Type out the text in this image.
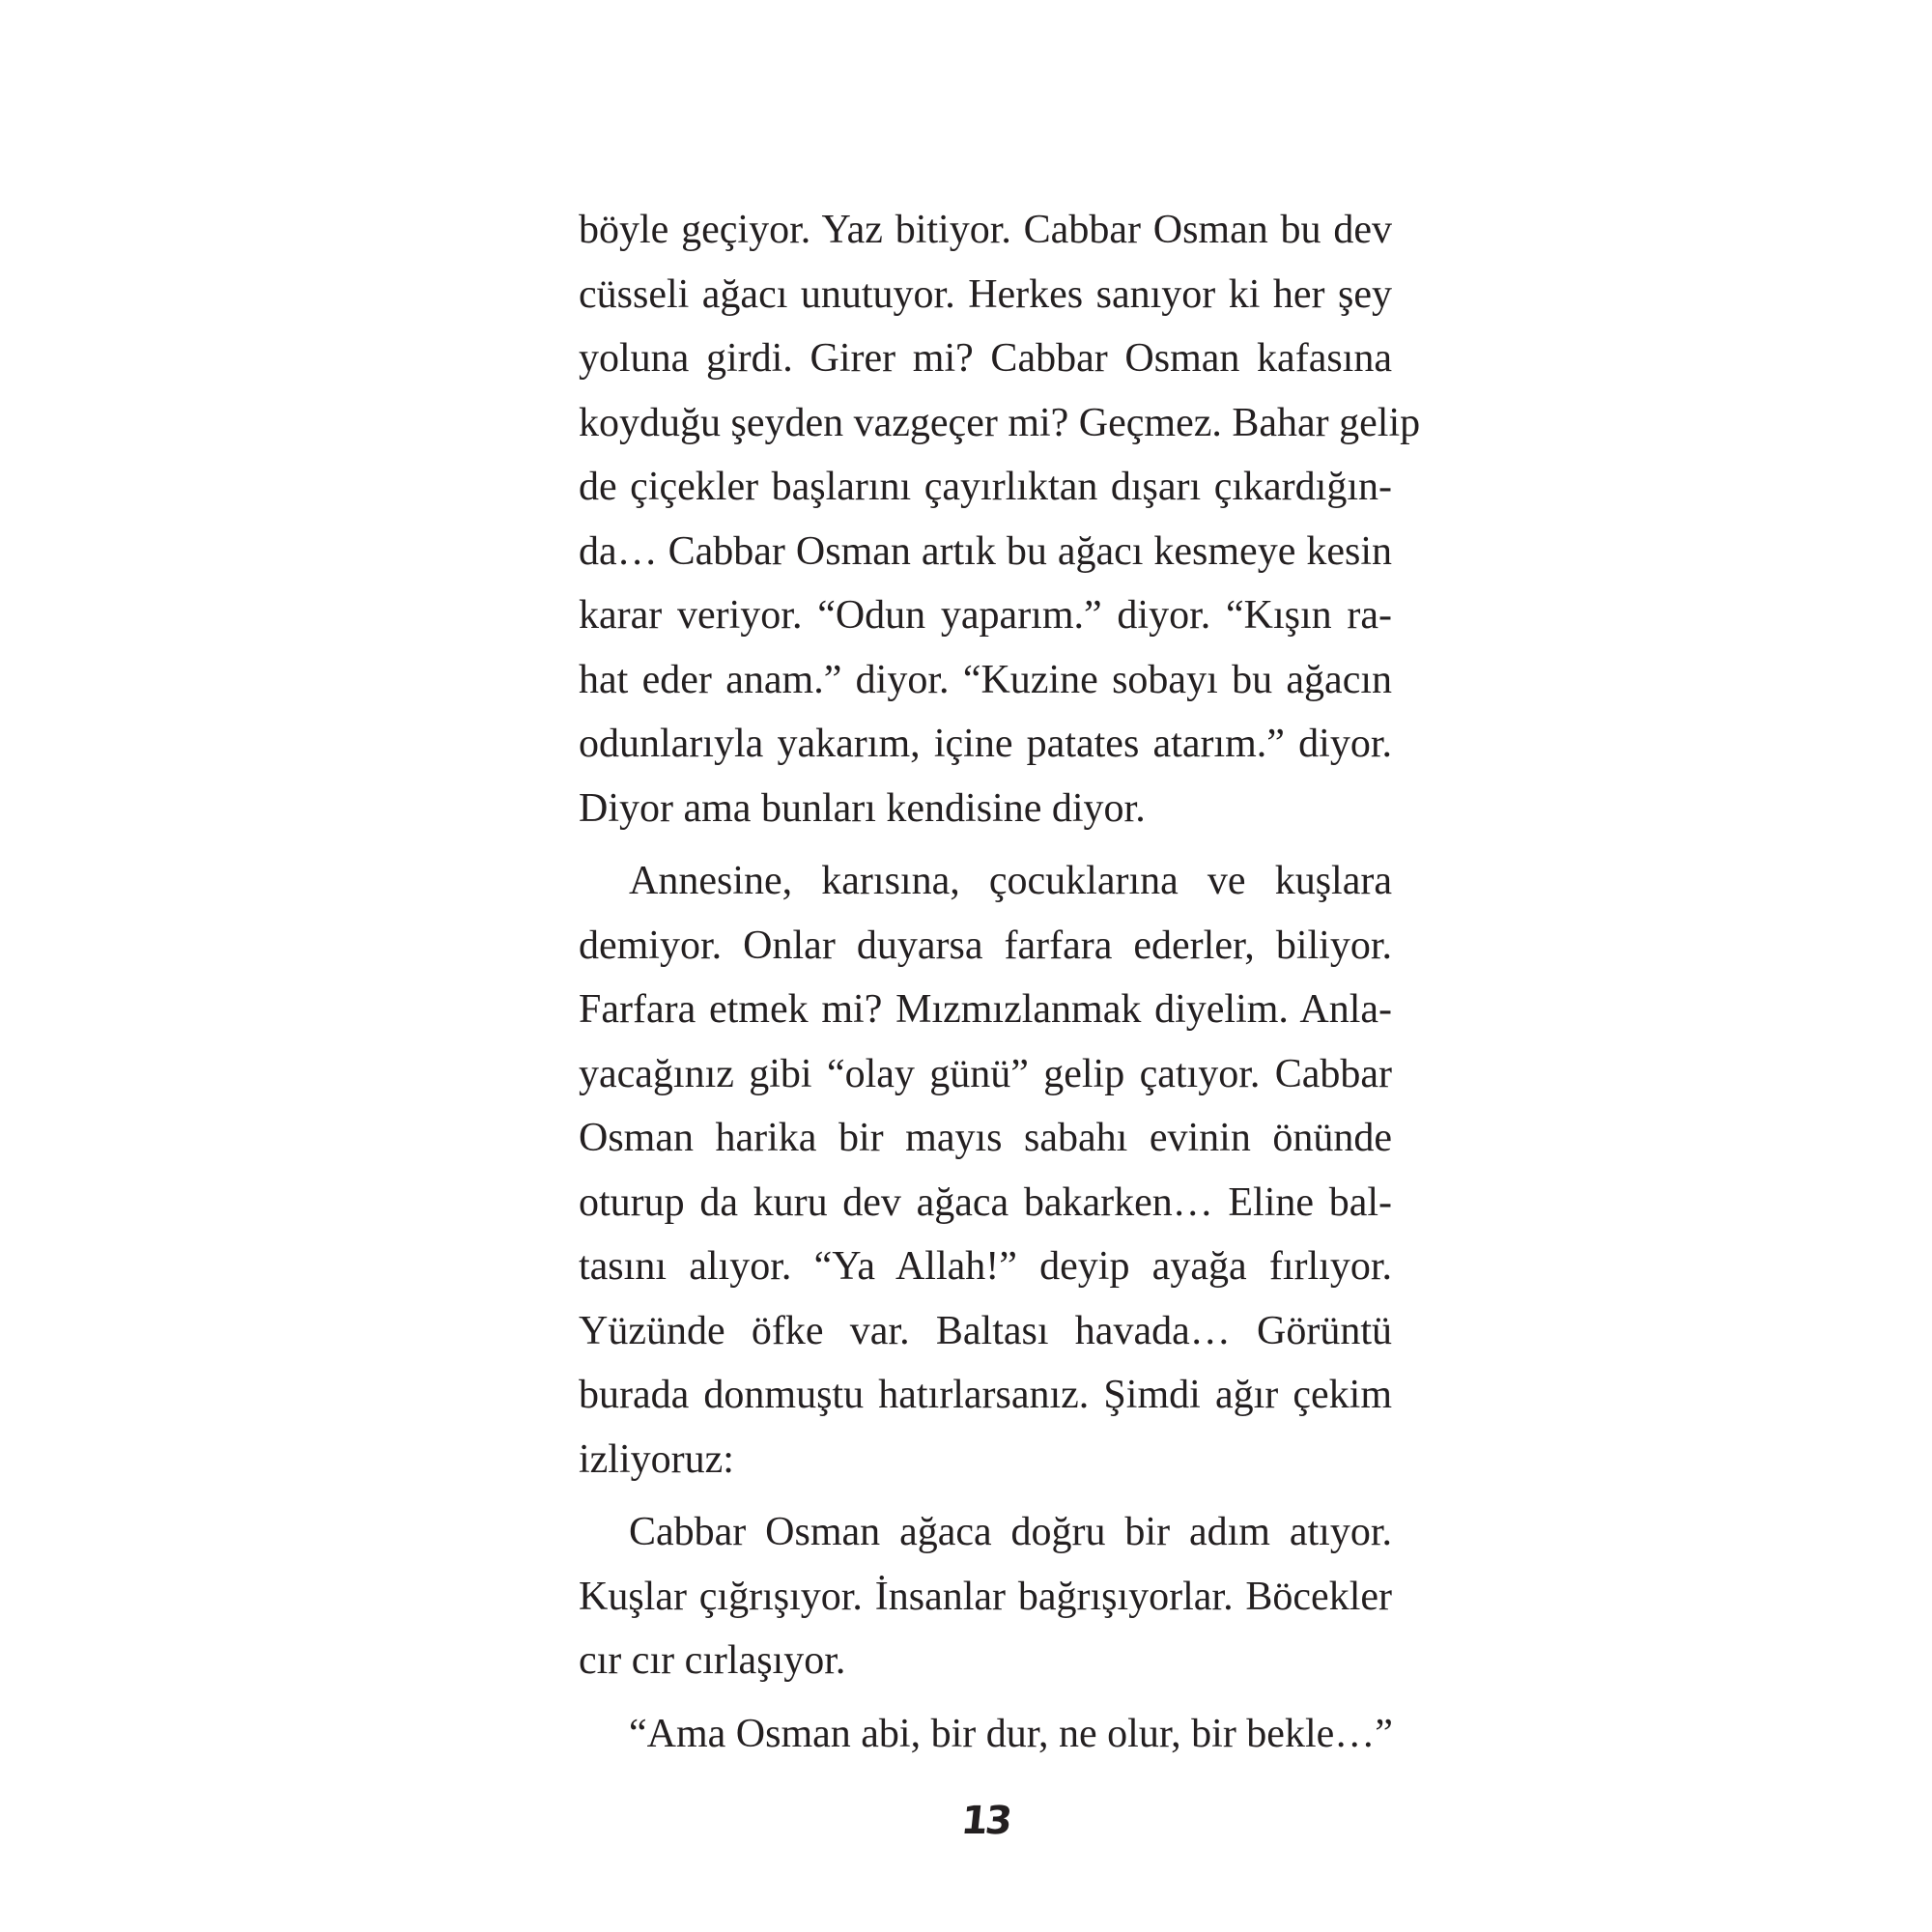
böyle geçiyor. Yaz bitiyor. Cabbar Osman bu dev
cüsseli ağacı unutuyor. Herkes sanıyor ki her şey
yoluna girdi. Girer mi? Cabbar Osman kafasına
koyduğu şeyden vazgeçer mi? Geçmez. Bahar gelip
de çiçekler başlarını çayırlıktan dışarı çıkardığın-
da… Cabbar Osman artık bu ağacı kesmeye kesin
karar veriyor. “Odun yaparım.” diyor. “Kışın ra-
hat eder anam.” diyor. “Kuzine sobayı bu ağacın
odunlarıyla yakarım, içine patates atarım.” diyor.
Diyor ama bunları kendisine diyor.
Annesine, karısına, çocuklarına ve kuşlara
demiyor. Onlar duyarsa farfara ederler, biliyor.
Farfara etmek mi? Mızmızlanmak diyelim. Anla-
yacağınız gibi “olay günü” gelip çatıyor. Cabbar
Osman harika bir mayıs sabahı evinin önünde
oturup da kuru dev ağaca bakarken… Eline bal-
tasını alıyor. “Ya Allah!” deyip ayağa fırlıyor.
Yüzünde öfke var. Baltası havada… Görüntü
burada donmuştu hatırlarsanız. Şimdi ağır çekim
izliyoruz:
Cabbar Osman ağaca doğru bir adım atıyor.
Kuşlar çığrışıyor. İnsanlar bağrışıyorlar. Böcekler
cır cır cırlaşıyor.
“Ama Osman abi, bir dur, ne olur, bir bekle…”
13
